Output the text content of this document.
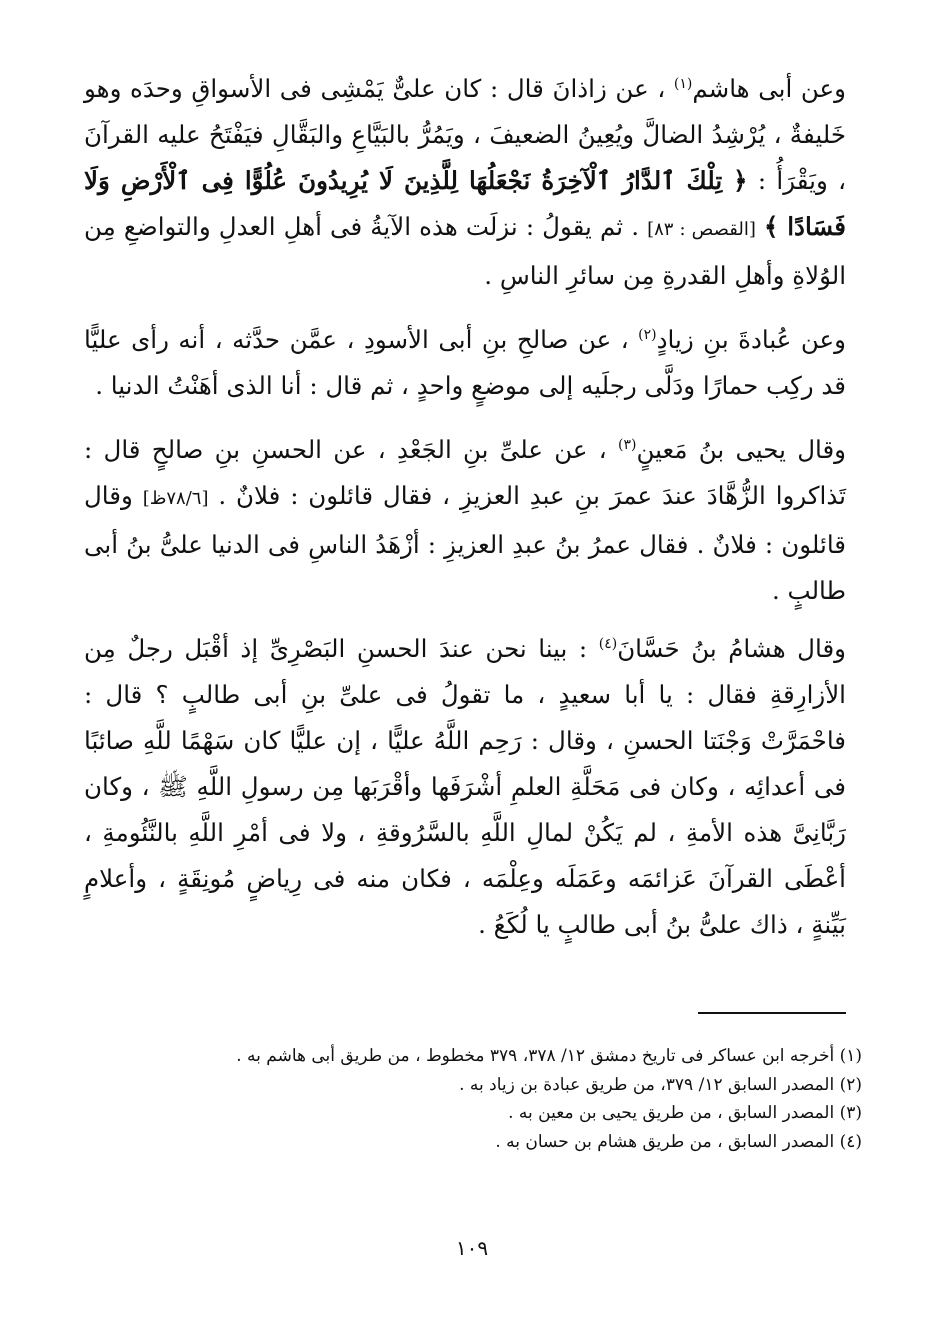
وعن أبى هاشم$^{(١)}$ ، عن زاذانَ قال : كان علىٌّ يَمْشِى فى الأسواقِ وحدَه وهو خَليفةٌ ، يُرْشِدُ الضالَّ ويُعِينُ الضعيفَ ، ويَمُرُّ بالبَيَّاعِ والبَقَّالِ فيَفْتَحُ عليه القرآنَ ، ويَقْرَأُ : ﴿ تِلْكَ ٱلدَّارُ ٱلْآخِرَةُ نَجْعَلُهَا لِلَّذِينَ لَا يُرِيدُونَ عُلُوًّا فِى ٱلْأَرْضِ وَلَا فَسَادًا ﴾ [القصص : ٨٣] . ثم يقولُ : نزلَت هذه الآيةُ فى أهلِ العدلِ والتواضعِ مِن الوُلاةِ وأهلِ القدرةِ مِن سائرِ الناسِ .

وعن عُبادةَ بنِ زيادٍ$^{(٢)}$ ، عن صالحِ بنِ أبى الأسودِ ، عمَّن حدَّثه ، أنه رأى عليًّا قد ركِب حمارًا ودَلَّى رجلَيه إلى موضعٍ واحدٍ ، ثم قال : أنا الذى أهَنْتُ الدنيا .

وقال يحيى بنُ مَعينٍ$^{(٣)}$ ، عن علىِّ بنِ الجَعْدِ ، عن الحسنِ بنِ صالحٍ قال : تَذاكروا الزُّهَّادَ عندَ عمرَ بنِ عبدِ العزيزِ ، فقال قائلون : فلانٌ . [٧٨/٦ظ] وقال قائلون : فلانٌ . فقال عمرُ بنُ عبدِ العزيزِ : أزْهَدُ الناسِ فى الدنيا علىُّ بنُ أبى طالبٍ .

وقال هشامُ بنُ حَسَّانَ$^{(٤)}$ : بينا نحن عندَ الحسنِ البَصْرِىِّ إذ أقْبَل رجلٌ مِن الأزارِقةِ فقال : يا أبا سعيدٍ ، ما تقولُ فى علىِّ بنِ أبى طالبٍ ؟ قال : فاحْمَرَّتْ وَجْنَتا الحسنِ ، وقال : رَحِم اللَّهُ عليًّا ، إن عليًّا كان سَهْمًا للَّهِ صائبًا فى أعدائِه ، وكان فى مَحَلَّةِ العلمِ أشْرَفَها وأقْرَبَها مِن رسولِ اللَّهِ ﷺ ، وكان رَبَّانِىَّ هذه الأمةِ ، لم يَكُنْ لمالِ اللَّهِ بالسَّرُوقةِ ، ولا فى أمْرِ اللَّهِ بالنَّئُومةِ ، أعْطَى القرآنَ عَزائمَه وعَمَلَه وعِلْمَه ، فكان منه فى رِياضٍ مُونِقَةٍ ، وأعلامٍ بَيِّنةٍ ، ذاك علىُّ بنُ أبى طالبٍ يا لُكَعُ .

(١) أخرجه ابن عساكر فى تاريخ دمشق ١٢/ ٣٧٨، ٣٧٩ مخطوط ، من طريق أبى هاشم به .

(٢) المصدر السابق ١٢/ ٣٧٩، من طريق عبادة بن زياد به .

(٣) المصدر السابق ، من طريق يحيى بن معين به .

(٤) المصدر السابق ، من طريق هشام بن حسان به .

١٠٩
